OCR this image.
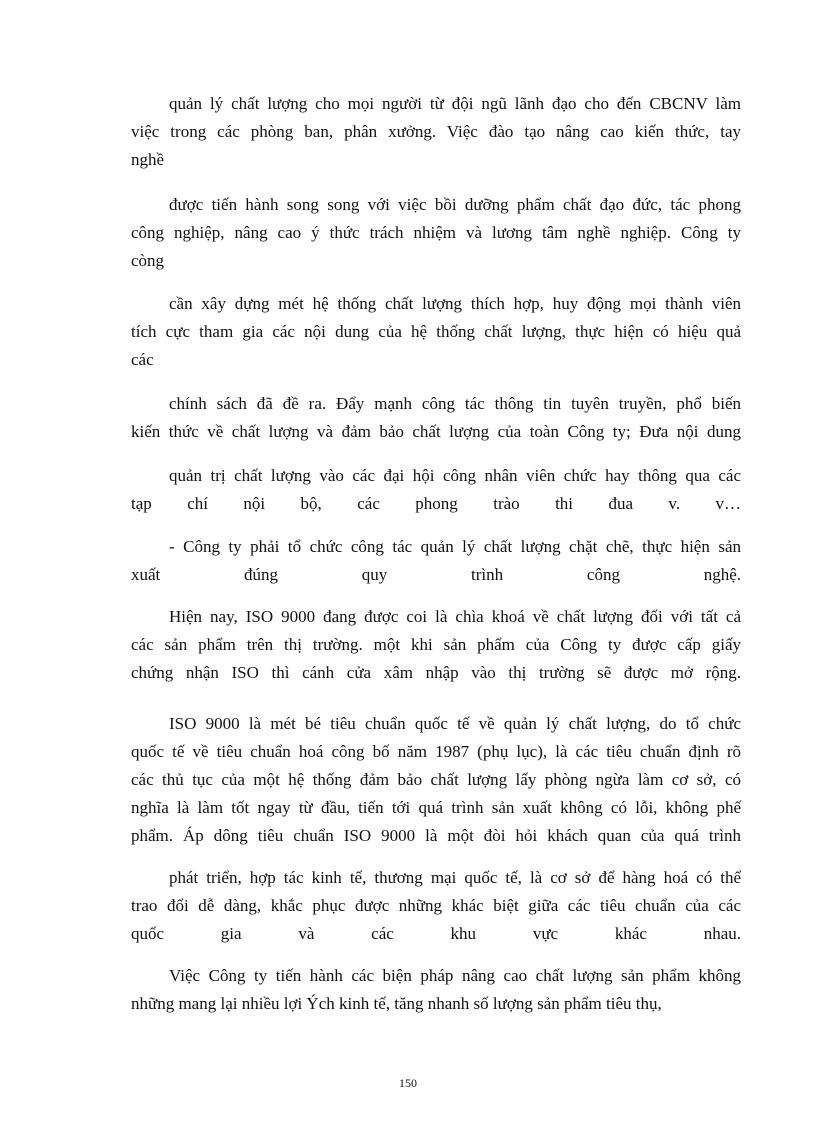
quản lý chất lượng cho mọi người từ đội ngũ lãnh đạo cho đến CBCNV làm
việc trong các phòng ban, phân xưởng. Việc đào tạo nâng cao kiến thức, tay
nghề

được tiến hành song song với việc bồi dưỡng phẩm chất đạo đức, tác phong
công nghiệp, nâng cao ý thức trách nhiệm và lương tâm nghề nghiệp. Công ty
còng

cần xây dựng mét hệ thống chất lượng thích hợp, huy động mọi thành viên
tích cực tham gia các nội dung của hệ thống chất lượng, thực hiện có hiệu quả
các

chính sách đã đề ra. Đẩy mạnh công tác thông tin tuyên truyền, phổ biến
kiến thức về chất lượng và đảm bảo chất lượng của toàn Công ty; Đưa nội dung

quản trị chất lượng vào các đại hội công nhân viên chức hay thông qua các
tạp chí nội bộ, các phong trào thi đua v. v…

- Công ty phải tổ chức công tác quản lý chất lượng chặt chẽ, thực hiện sản
xuất đúng quy trình công nghệ.

Hiện nay, ISO 9000 đang được coi là chìa khoá về chất lượng đối với tất cả
các sản phẩm trên thị trường. một khi sản phẩm của Công ty được cấp giấy
chứng nhận ISO thì cánh cửa xâm nhập vào thị trường sẽ được mở rộng.

ISO 9000 là mét bé tiêu chuẩn quốc tế về quản lý chất lượng, do tổ chức
quốc tế về tiêu chuẩn hoá công bố năm 1987 (phụ lục), là các tiêu chuẩn định rõ
các thủ tục của một hệ thống đảm bảo chất lượng lấy phòng ngừa làm cơ sở, có
nghĩa là làm tốt ngay từ đầu, tiến tới quá trình sản xuất không có lỗi, không phế
phẩm. Áp dông tiêu chuẩn ISO 9000 là một đòi hỏi khách quan của quá trình

phát triển, hợp tác kinh tế, thương mại quốc tế, là cơ sở để hàng hoá có thể
trao đổi dễ dàng, khắc phục được những khác biệt giữa các tiêu chuẩn của các
quốc gia và các khu vực khác nhau.

Việc Công ty tiến hành các biện pháp nâng cao chất lượng sản phẩm không
những mang lại nhiều lợi Ých kinh tế, tăng nhanh số lượng sản phẩm tiêu thụ,

150
